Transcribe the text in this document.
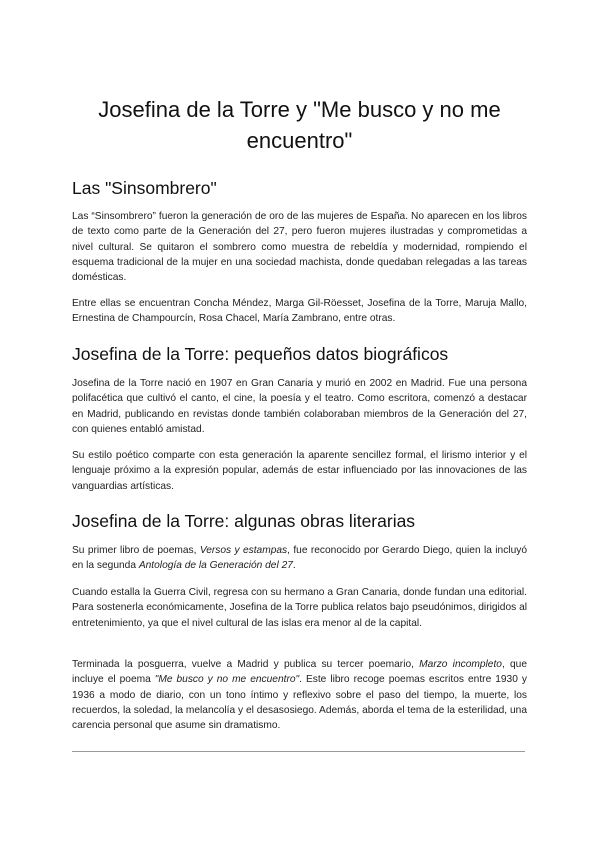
Josefina de la Torre y "Me busco y no me encuentro"
Las "Sinsombrero"

Las “Sinsombrero” fueron la generación de oro de las mujeres de España. No aparecen en los libros de texto como parte de la Generación del 27, pero fueron mujeres ilustradas y comprometidas a nivel cultural. Se quitaron el sombrero como muestra de rebeldía y modernidad, rompiendo el esquema tradicional de la mujer en una sociedad machista, donde quedaban relegadas a las tareas domésticas.

Entre ellas se encuentran Concha Méndez, Marga Gil-Röesset, Josefina de la Torre, Maruja Mallo, Ernestina de Champourcín, Rosa Chacel, María Zambrano, entre otras.

Josefina de la Torre: pequeños datos biográficos

Josefina de la Torre nació en 1907 en Gran Canaria y murió en 2002 en Madrid. Fue una persona polifacética que cultivó el canto, el cine, la poesía y el teatro. Como escritora, comenzó a destacar en Madrid, publicando en revistas donde también colaboraban miembros de la Generación del 27, con quienes entabló amistad.

Su estilo poético comparte con esta generación la aparente sencillez formal, el lirismo interior y el lenguaje próximo a la expresión popular, además de estar influenciado por las innovaciones de las vanguardias artísticas.

Josefina de la Torre: algunas obras literarias

Su primer libro de poemas, Versos y estampas, fue reconocido por Gerardo Diego, quien la incluyó en la segunda Antología de la Generación del 27.

Cuando estalla la Guerra Civil, regresa con su hermano a Gran Canaria, donde fundan una editorial. Para sostenerla económicamente, Josefina de la Torre publica relatos bajo pseudónimos, dirigidos al entretenimiento, ya que el nivel cultural de las islas era menor al de la capital.

Terminada la posguerra, vuelve a Madrid y publica su tercer poemario, Marzo incompleto, que incluye el poema "Me busco y no me encuentro". Este libro recoge poemas escritos entre 1930 y 1936 a modo de diario, con un tono íntimo y reflexivo sobre el paso del tiempo, la muerte, los recuerdos, la soledad, la melancolía y el desasosiego. Además, aborda el tema de la esterilidad, una carencia personal que asume sin dramatismo.
